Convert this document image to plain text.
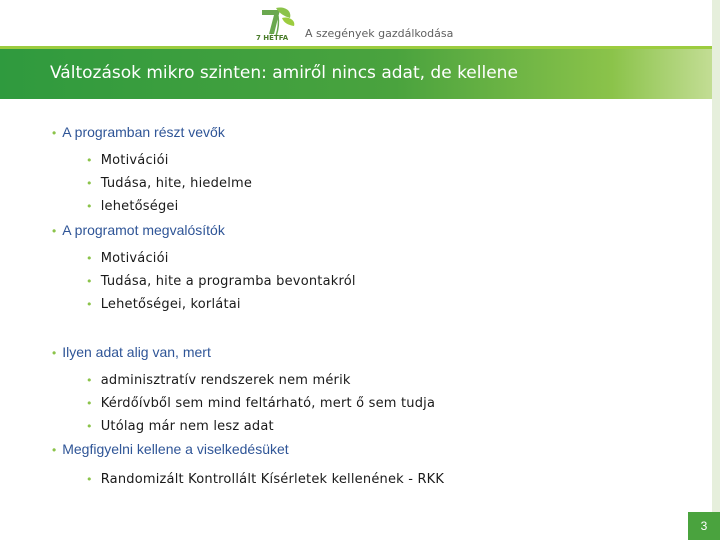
7 HÉTFA A szegények gazdálkodása
Változások mikro szinten: amiről nincs adat, de kellene
• A programban részt vevők
• Motivációi
• Tudása, hite, hiedelme
• lehetőségei
• A programot megvalósítók
• Motivációi
• Tudása, hite a programba bevontakról
• Lehetőségei, korlátai
• Ilyen adat alig van, mert
• adminisztratív rendszerek nem mérik
• Kérdőívből sem mind feltárható, mert ő sem tudja
• Utólag már nem lesz adat
• Megfigyelni kellene a viselkedésüket
• Randomizált Kontrollált Kísérletek kellenének - RKK
3
